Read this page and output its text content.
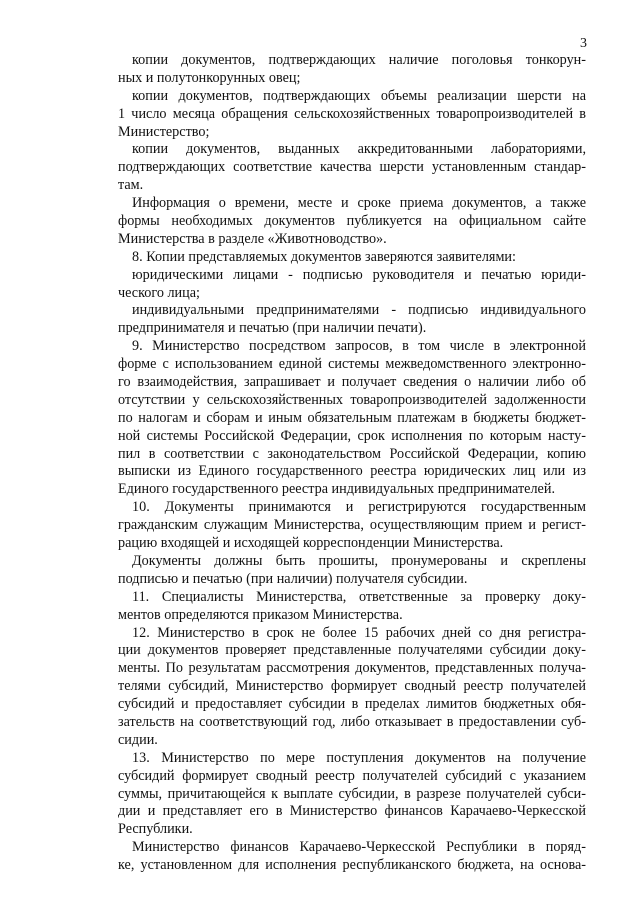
3
копии документов, подтверждающих наличие поголовья тонкорун-
ных и полутонкорунных овец;
копии документов, подтверждающих объемы реализации шерсти на
1 число месяца обращения сельскохозяйственных товаропроизводителей в
Министерство;
копии документов, выданных аккредитованными лабораториями,
подтверждающих соответствие качества шерсти установленным стандар-
там.
Информация о времени, месте и сроке приема документов, а также
формы необходимых документов публикуется на официальном сайте
Министерства в разделе «Животноводство».
8. Копии представляемых документов заверяются заявителями:
юридическими лицами - подписью руководителя и печатью юриди-
ческого лица;
индивидуальными предпринимателями - подписью индивидуального
предпринимателя и печатью (при наличии печати).
9. Министерство посредством запросов, в том числе в электронной
форме с использованием единой системы межведомственного электронно-
го взаимодействия, запрашивает и получает сведения о наличии либо об
отсутствии у сельскохозяйственных товаропроизводителей задолженности
по налогам и сборам и иным обязательным платежам в бюджеты бюджет-
ной системы Российской Федерации, срок исполнения по которым насту-
пил в соответствии с законодательством Российской Федерации, копию
выписки из Единого государственного реестра юридических лиц или из
Единого государственного реестра индивидуальных предпринимателей.
10. Документы принимаются и регистрируются государственным
гражданским служащим Министерства, осуществляющим прием и регист-
рацию входящей и исходящей корреспонденции Министерства.
Документы должны быть прошиты, пронумерованы и скреплены
подписью и печатью (при наличии) получателя субсидии.
11. Специалисты Министерства, ответственные за проверку доку-
ментов определяются приказом Министерства.
12. Министерство в срок не более 15 рабочих дней со дня регистра-
ции документов проверяет представленные получателями субсидии доку-
менты. По результатам рассмотрения документов, представленных получа-
телями субсидий, Министерство формирует сводный реестр получателей
субсидий и предоставляет субсидии в пределах лимитов бюджетных обя-
зательств на соответствующий год, либо отказывает в предоставлении суб-
сидии.
13. Министерство по мере поступления документов на получение
субсидий формирует сводный реестр получателей субсидий с указанием
суммы, причитающейся к выплате субсидии, в разрезе получателей субси-
дии и представляет его в Министерство финансов Карачаево-Черкесской
Республики.
Министерство финансов Карачаево-Черкесской Республики в поряд-
ке, установленном для исполнения республиканского бюджета, на основа-
